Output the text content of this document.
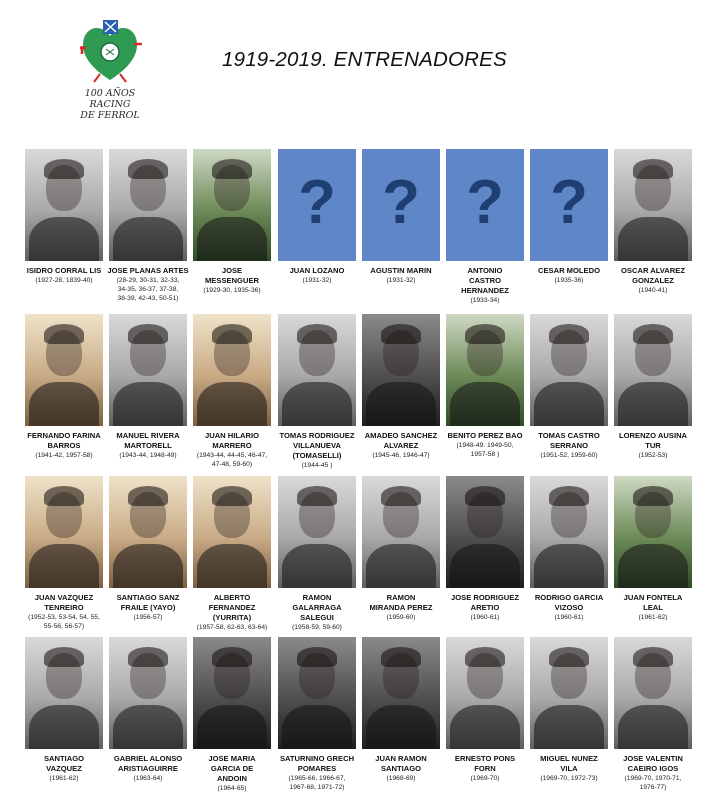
100 AÑOS
RACING
DE FERROL
1919-2019. ENTRENADORES
ISIDRO CORRAL LIS
(1927-28, 1839-40)
JOSE PLANAS ARTES
(28-29, 30-31, 32-33,
34-35, 36-37, 37-38,
38-39, 42-43, 50-51)
JOSE
MESSENGUER
(1929-30, 1935-36)
?
JUAN LOZANO
(1931-32)
?
AGUSTIN MARIN
(1931-32)
?
ANTONIO
CASTRO
HERNANDEZ
(1933-34)
?
CESAR MOLEDO
(1935-36)
OSCAR ALVAREZ
GONZALEZ
(1940-41)
FERNANDO FARINA
BARROS
(1941-42, 1957-58)
MANUEL RIVERA
MARTORELL
(1943-44, 1948-49)
JUAN HILARIO
MARRERO
(1943-44, 44-45, 46-47,
47-48, 59-60)
TOMAS RODRIGUEZ
VILLANUEVA
(TOMASELLI)
(1944-45 )
AMADEO SANCHEZ
ALVAREZ
(1945-46, 1946-47)
BENITO PEREZ BAO
(1948-49. 1949-50,
1957-58 )
TOMAS CASTRO
SERRANO
(1951-52, 1959-60)
LORENZO AUSINA
TUR
(1952-53)
JUAN VAZQUEZ
TENREIRO
(1952-53, 53-54, 54, 55,
55-56, 56-57)
SANTIAGO SANZ
FRAILE (YAYO)
(1956-57)
ALBERTO
FERNANDEZ
(YURRITA)
(1957-58, 62-63, 63-64)
RAMON
GALARRAGA
SALEGUI
(1958-59, 59-60)
RAMON
MIRANDA PEREZ
(1959-60)
JOSE RODRIGUEZ
ARETIO
(1960-61)
RODRIGO GARCIA
VIZOSO
(1960-61)
JUAN FONTELA
LEAL
(1961-62)
SANTIAGO
VAZQUEZ
(1961-62)
GABRIEL ALONSO
ARISTIAGUIRRE
(1963-64)
JOSE MARIA
GARCIA DE
ANDOIN
(1964-65)
SATURNINO GRECH
POMARES
(1965-66, 1966-67,
1967-68, 1971-72)
JUAN RAMON
SANTIAGO
(1968-69)
ERNESTO PONS
FORN
(1969-70)
MIGUEL NUNEZ
VILA
(1969-70, 1972-73)
JOSE VALENTIN
CAEIRO IGOS
(1969-70, 1970-71,
1976-77)
